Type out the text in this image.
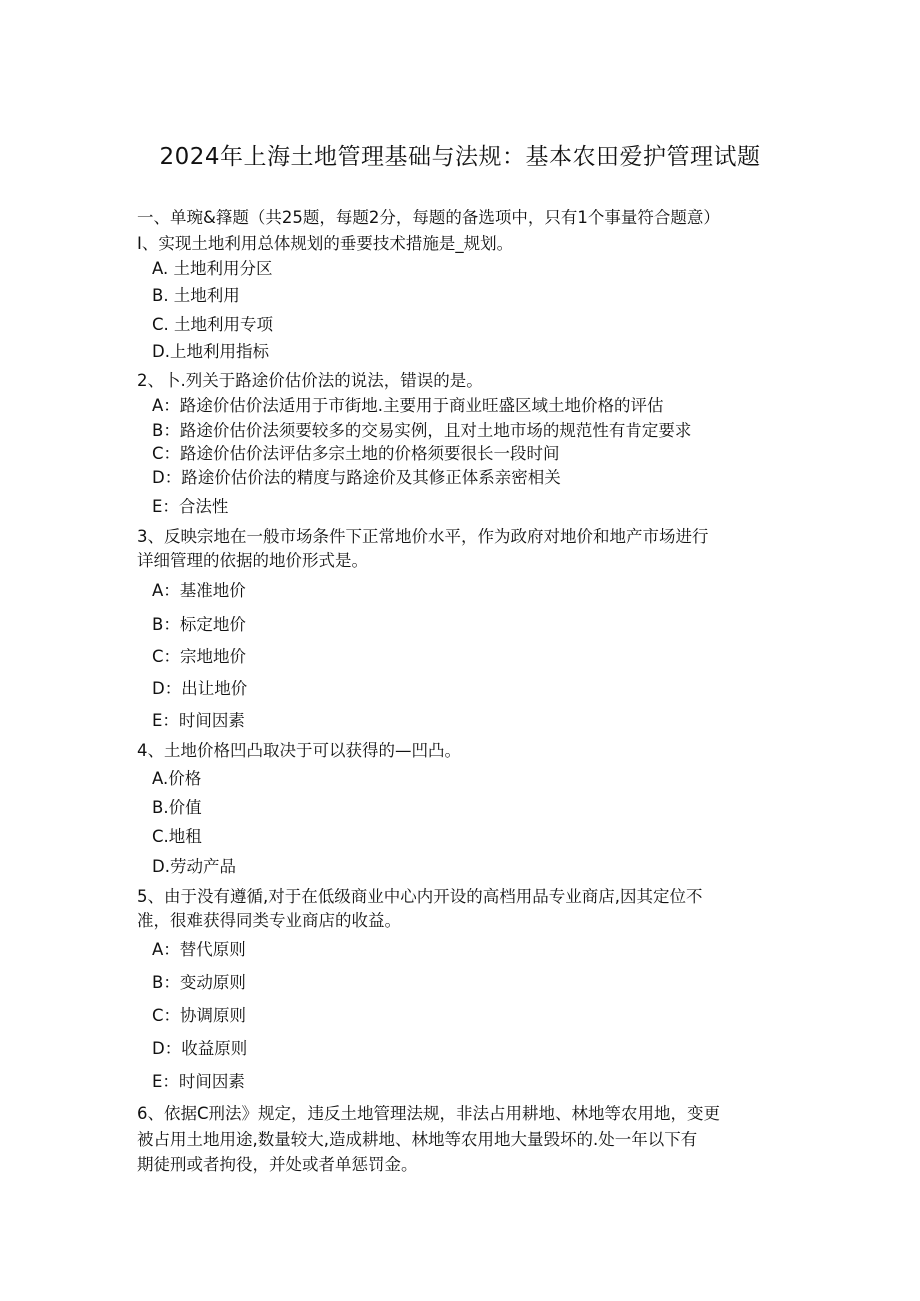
2024年上海土地管理基础与法规：基本农田爱护管理试题
一、单琬&箨题（共25题，每题2分，每题的备选项中，只有1个事量符合题意）
I、实现土地利用总体规划的垂要技术措施是_规划。
A. 土地利用分区
B. 土地利用
C. 土地利用专项
D.上地利用指标
2、卜.列关于路途价估价法的说法，错误的是。
A：路途价估价法适用于市街地.主要用于商业旺盛区域土地价格的评估
B：路途价估价法须要较多的交易实例，且对土地市场的规范性有肯定要求
C：路途价估价法评估多宗土地的价格须要很长一段时间
D：路途价估价法的精度与路途价及其修正体系亲密相关
E：合法性
3、反映宗地在一般市场条件下正常地价水平，作为政府对地价和地产市场进行
详细管理的依据的地价形式是。
A：基准地价
B：标定地价
C：宗地地价
D：出让地价
E：时间因素
4、土地价格凹凸取决于可以获得的—凹凸。
A.价格
B.价值
C.地租
D.劳动产品
5、由于没有遵循,对于在低级商业中心内开设的高档用品专业商店,因其定位不
准，很难获得同类专业商店的收益。
A：替代原则
B：变动原则
C：协调原则
D：收益原则
E：时间因素
6、依据C刑法》规定，违反土地管理法规，非法占用耕地、林地等农用地，变更
被占用土地用途,数量较大,造成耕地、林地等农用地大量毁坏的.处一年以下有
期徒刑或者拘役，并处或者单惩罚金。
